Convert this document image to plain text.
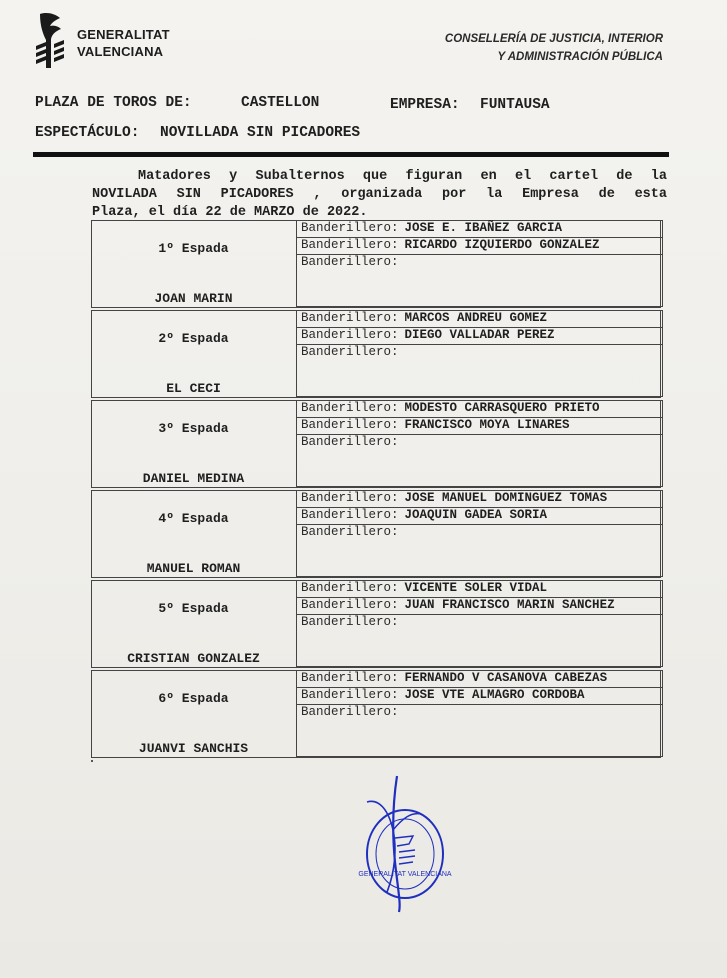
GENERALITAT
VALENCIANA
CONSELLERÍA DE JUSTICIA, INTERIOR
Y ADMINISTRACIÓN PÚBLICA
PLAZA DE TOROS DE:	CASTELLON	EMPRESA: FUNTAUSA
ESPECTÁCULO: NOVILLADA SIN PICADORES
Matadores y Subalternos que figuran en el cartel de la
NOVILADA SIN PICADORES , organizada por la Empresa de esta
Plaza, el día 22 de MARZO de 2022.
1º Espada
JOAN MARIN
Banderillero: JOSE E. IBAÑEZ GARCIA
Banderillero: RICARDO IZQUIERDO GONZALEZ
Banderillero:
2º Espada
EL CECI
Banderillero: MARCOS ANDREU GOMEZ
Banderillero: DIEGO VALLADAR PEREZ
Banderillero:
3º Espada
DANIEL MEDINA
Banderillero: MODESTO CARRASQUERO PRIETO
Banderillero: FRANCISCO MOYA LINARES
Banderillero:
4º Espada
MANUEL ROMAN
Banderillero: JOSE MANUEL DOMINGUEZ TOMAS
Banderillero: JOAQUIN GADEA SORIA
Banderillero:
5º Espada
CRISTIAN GONZALEZ
Banderillero: VICENTE SOLER VIDAL
Banderillero: JUAN FRANCISCO MARIN SANCHEZ
Banderillero:
6º Espada
JUANVI SANCHIS
Banderillero: FERNANDO V CASANOVA CABEZAS
Banderillero: JOSE VTE ALMAGRO CORDOBA
Banderillero:
GENERALITAT VALENCIANA
